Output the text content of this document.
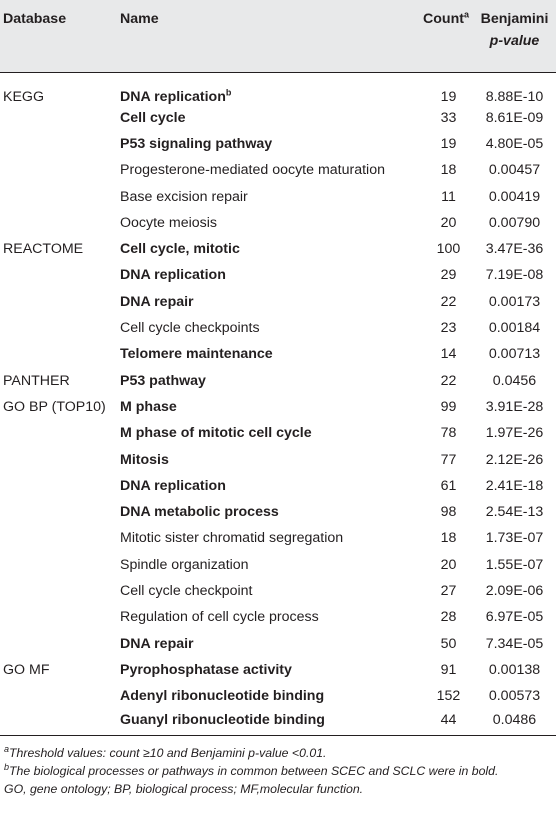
Database	Name	Count$^a$	Benjamini
p-value
KEGG	DNA replication$^b$	19	8.88E-10
	Cell cycle	33	8.61E-09
	P53 signaling pathway	19	4.80E-05
	Progesterone-mediated oocyte maturation	18	0.00457
	Base excision repair	11	0.00419
	Oocyte meiosis	20	0.00790
REACTOME	Cell cycle, mitotic	100	3.47E-36
	DNA replication	29	7.19E-08
	DNA repair	22	0.00173
	Cell cycle checkpoints	23	0.00184
	Telomere maintenance	14	0.00713
PANTHER	P53 pathway	22	0.0456
GO BP (TOP10)	M phase	99	3.91E-28
	M phase of mitotic cell cycle	78	1.97E-26
	Mitosis	77	2.12E-26
	DNA replication	61	2.41E-18
	DNA metabolic process	98	2.54E-13
	Mitotic sister chromatid segregation	18	1.73E-07
	Spindle organization	20	1.55E-07
	Cell cycle checkpoint	27	2.09E-06
	Regulation of cell cycle process	28	6.97E-05
	DNA repair	50	7.34E-05
GO MF	Pyrophosphatase activity	91	0.00138
	Adenyl ribonucleotide binding	152	0.00573
	Guanyl ribonucleotide binding	44	0.0486

$^a$Threshold values: count ≥10 and Benjamini p-value <0.01.

$^b$The biological processes or pathways in common between SCEC and SCLC were in bold.

GO, gene ontology; BP, biological process; MF,molecular function.
